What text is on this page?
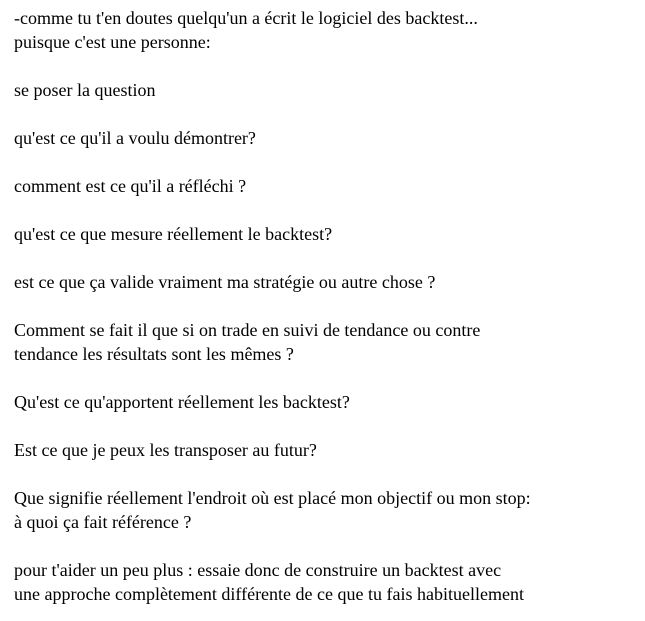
-comme tu t'en doutes quelqu'un a écrit le logiciel des backtest...
puisque c'est une personne:

se poser la question

qu'est ce qu'il a voulu démontrer?

comment est ce qu'il a réfléchi ?

qu'est ce que mesure réellement le backtest?

est ce que ça valide vraiment ma stratégie ou autre chose ?

Comment se fait il que si on trade en suivi de tendance ou contre
tendance les résultats sont les mêmes ?

Qu'est ce qu'apportent réellement les backtest?

Est ce que je peux les transposer au futur?

Que signifie réellement l'endroit où est placé mon objectif ou mon stop:
à quoi ça fait référence ?

pour t'aider un peu plus : essaie donc de construire un backtest avec
une approche complètement différente de ce que tu fais habituellement
